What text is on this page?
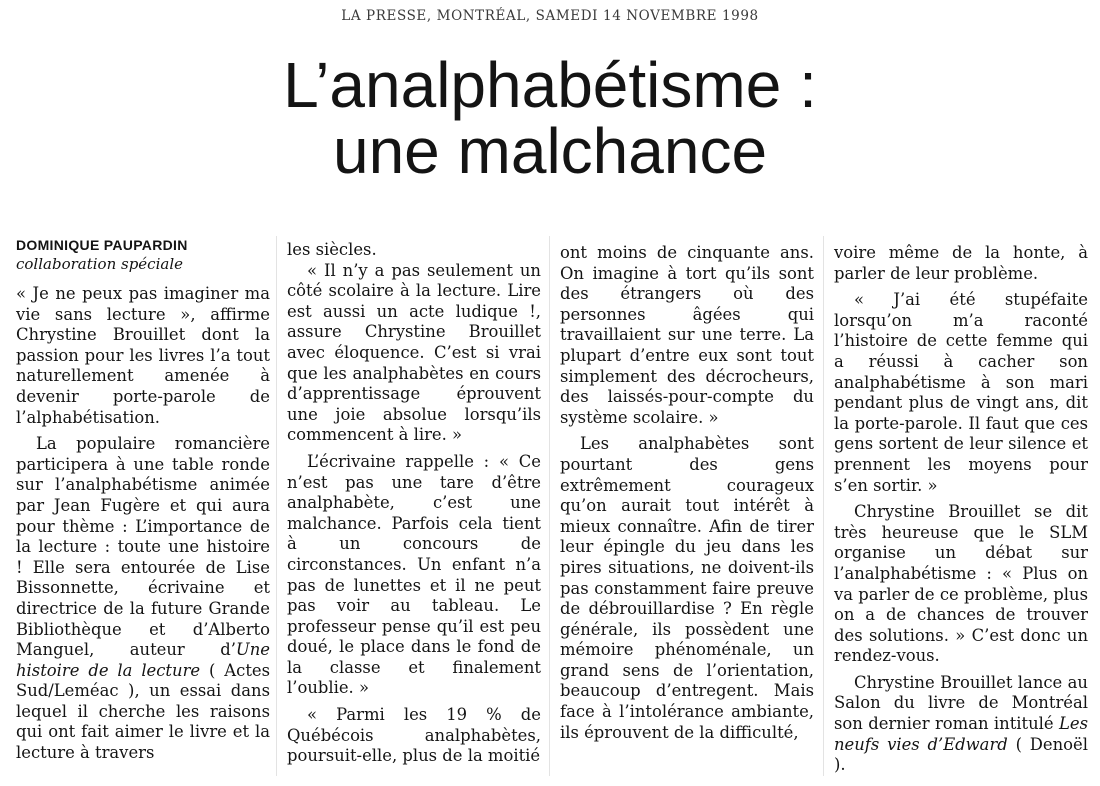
LA PRESSE, MONTRÉAL, SAMEDI 14 NOVEMBRE 1998
L’analphabétisme :
une malchance
DOMINIQUE PAUPARDIN
collaboration spéciale

« Je ne peux pas imaginer ma vie sans lecture », affirme Chrystine Brouillet dont la passion pour les livres l’a tout naturellement amenée à devenir porte-parole de l’alphabétisation.

La populaire romancière participera à une table ronde sur l’analphabétisme animée par Jean Fugère et qui aura pour thème : L’importance de la lecture : toute une histoire ! Elle sera entourée de Lise Bissonnette, écrivaine et directrice de la future Grande Bibliothèque et d’Alberto Manguel, auteur d’Une histoire de la lecture ( Actes Sud/Leméac ), un essai dans lequel il cherche les raisons qui ont fait aimer le livre et la lecture à travers

les siècles.

« Il n’y a pas seulement un côté scolaire à la lecture. Lire est aussi un acte ludique !, assure Chrystine Brouillet avec éloquence. C’est si vrai que les analphabètes en cours d’apprentissage éprouvent une joie absolue lorsqu’ils commencent à lire. »

L’écrivaine rappelle : « Ce n’est pas une tare d’être analphabète, c’est une malchance. Parfois cela tient à un concours de circonstances. Un enfant n’a pas de lunettes et il ne peut pas voir au tableau. Le professeur pense qu’il est peu doué, le place dans le fond de la classe et finalement l’oublie. »

« Parmi les 19 % de Québécois analphabètes, poursuit-elle, plus de la moitié

ont moins de cinquante ans. On imagine à tort qu’ils sont des étrangers où des personnes âgées qui travaillaient sur une terre. La plupart d’entre eux sont tout simplement des décrocheurs, des laissés-pour-compte du système scolaire. »

Les analphabètes sont pourtant des gens extrêmement courageux qu’on aurait tout intérêt à mieux connaître. Afin de tirer leur épingle du jeu dans les pires situations, ne doivent-ils pas constamment faire preuve de débrouillardise ? En règle générale, ils possèdent une mémoire phénoménale, un grand sens de l’orientation, beaucoup d’entregent. Mais face à l’intolérance ambiante, ils éprouvent de la difficulté,

voire même de la honte, à parler de leur problème.

« J’ai été stupéfaite lorsqu’on m’a raconté l’histoire de cette femme qui a réussi à cacher son analphabétisme à son mari pendant plus de vingt ans, dit la porte-parole. Il faut que ces gens sortent de leur silence et prennent les moyens pour s’en sortir. »

Chrystine Brouillet se dit très heureuse que le SLM organise un débat sur l’analphabétisme : « Plus on va parler de ce problème, plus on a de chances de trouver des solutions. » C’est donc un rendez-vous.

Chrystine Brouillet lance au Salon du livre de Montréal son dernier roman intitulé Les neufs vies d’Edward ( Denoël ).
